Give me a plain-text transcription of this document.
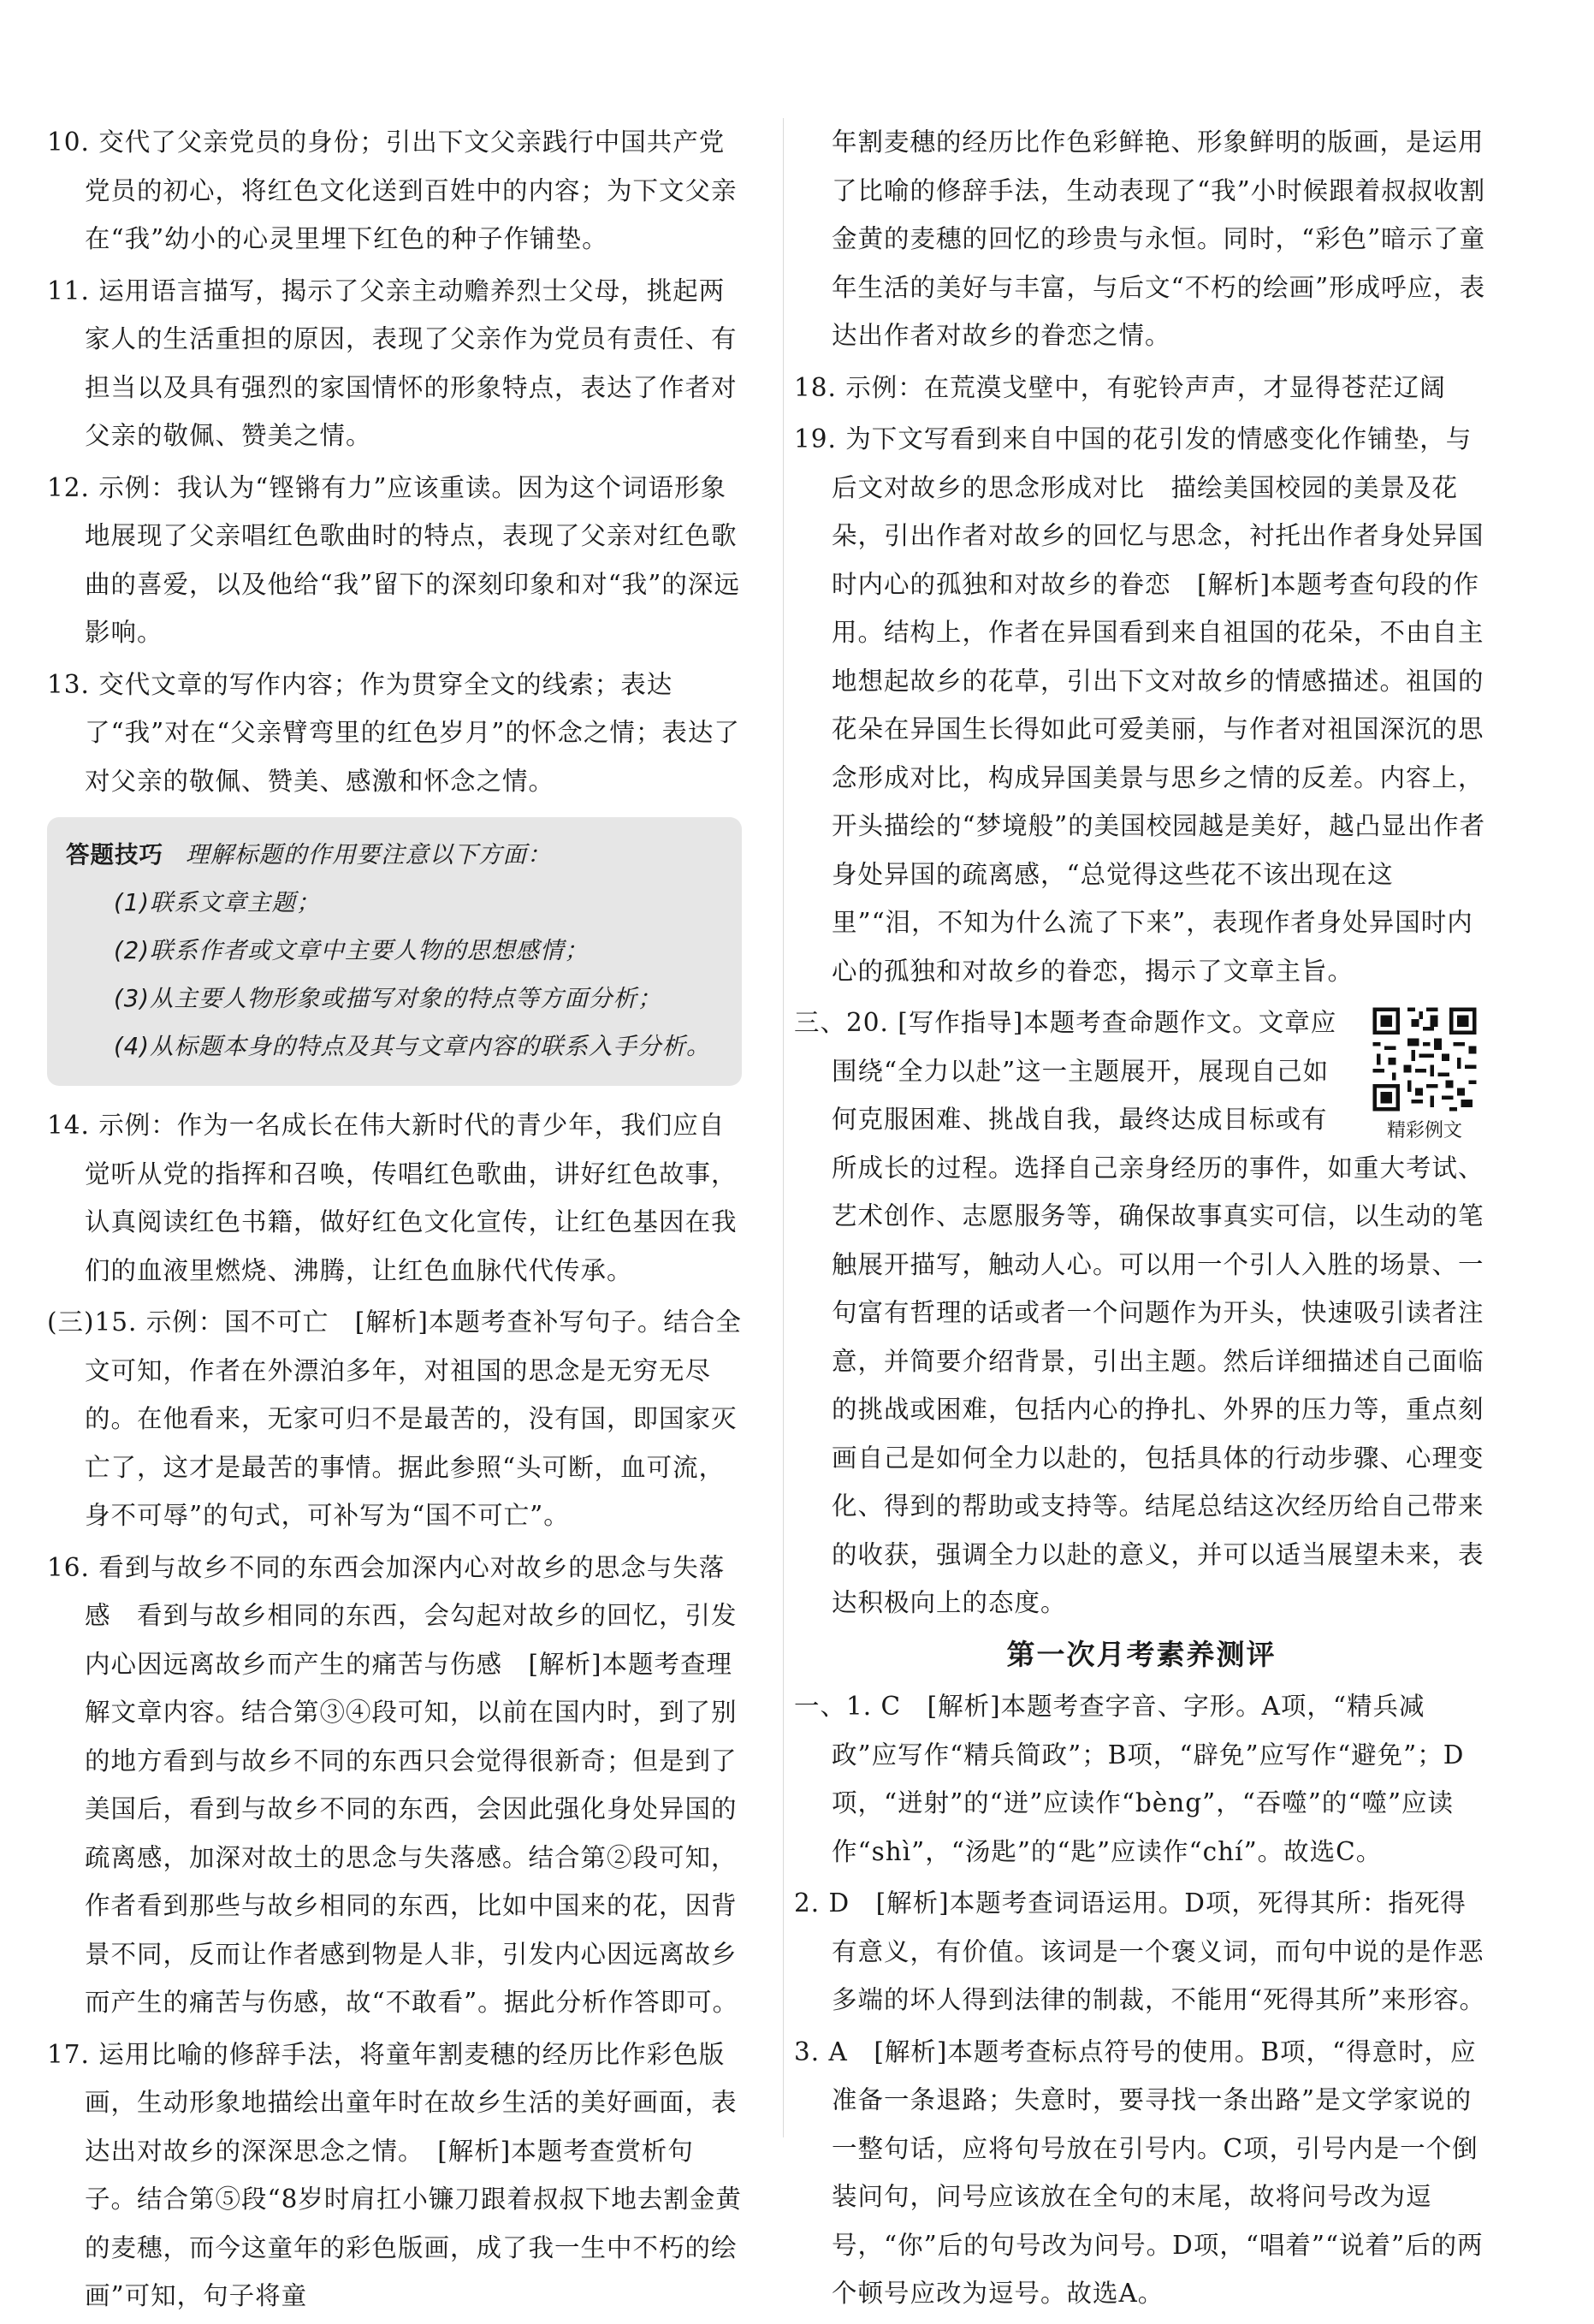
10. 交代了父亲党员的身份；引出下文父亲践行中国共产党党员的初心，将红色文化送到百姓中的内容；为下文父亲在“我”幼小的心灵里埋下红色的种子作铺垫。
11. 运用语言描写，揭示了父亲主动赡养烈士父母，挑起两家人的生活重担的原因，表现了父亲作为党员有责任、有担当以及具有强烈的家国情怀的形象特点，表达了作者对父亲的敬佩、赞美之情。
12. 示例：我认为“铿锵有力”应该重读。因为这个词语形象地展现了父亲唱红色歌曲时的特点，表现了父亲对红色歌曲的喜爱，以及他给“我”留下的深刻印象和对“我”的深远影响。
13. 交代文章的写作内容；作为贯穿全文的线索；表达了“我”对在“父亲臂弯里的红色岁月”的怀念之情；表达了对父亲的敬佩、赞美、感激和怀念之情。
答题技巧 理解标题的作用要注意以下方面：
(1)联系文章主题；
(2)联系作者或文章中主要人物的思想感情；
(3)从主要人物形象或描写对象的特点等方面分析；
(4)从标题本身的特点及其与文章内容的联系入手分析。
14. 示例：作为一名成长在伟大新时代的青少年，我们应自觉听从党的指挥和召唤，传唱红色歌曲，讲好红色故事，认真阅读红色书籍，做好红色文化宣传，让红色基因在我们的血液里燃烧、沸腾，让红色血脉代代传承。
(三)15. 示例：国不可亡　[解析]本题考查补写句子。结合全文可知，作者在外漂泊多年，对祖国的思念是无穷无尽的。在他看来，无家可归不是最苦的，没有国，即国家灭亡了，这才是最苦的事情。据此参照“头可断，血可流，身不可辱”的句式，可补写为“国不可亡”。
16. 看到与故乡不同的东西会加深内心对故乡的思念与失落感　看到与故乡相同的东西，会勾起对故乡的回忆，引发内心因远离故乡而产生的痛苦与伤感　[解析]本题考查理解文章内容。结合第③④段可知，以前在国内时，到了别的地方看到与故乡不同的东西只会觉得很新奇；但是到了美国后，看到与故乡不同的东西，会因此强化身处异国的疏离感，加深对故土的思念与失落感。结合第②段可知，作者看到那些与故乡相同的东西，比如中国来的花，因背景不同，反而让作者感到物是人非，引发内心因远离故乡而产生的痛苦与伤感，故“不敢看”。据此分析作答即可。
17. 运用比喻的修辞手法，将童年割麦穗的经历比作彩色版画，生动形象地描绘出童年时在故乡生活的美好画面，表达出对故乡的深深思念之情。　[解析]本题考查赏析句子。结合第⑤段“8岁时肩扛小镰刀跟着叔叔下地去割金黄的麦穗，而今这童年的彩色版画，成了我一生中不朽的绘画”可知，句子将童
年割麦穗的经历比作色彩鲜艳、形象鲜明的版画，是运用了比喻的修辞手法，生动表现了“我”小时候跟着叔叔收割金黄的麦穗的回忆的珍贵与永恒。同时，“彩色”暗示了童年生活的美好与丰富，与后文“不朽的绘画”形成呼应，表达出作者对故乡的眷恋之情。
18. 示例：在荒漠戈壁中，有驼铃声声，才显得苍茫辽阔
19. 为下文写看到来自中国的花引发的情感变化作铺垫，与后文对故乡的思念形成对比　描绘美国校园的美景及花朵，引出作者对故乡的回忆与思念，衬托出作者身处异国时内心的孤独和对故乡的眷恋　[解析]本题考查句段的作用。结构上，作者在异国看到来自祖国的花朵，不由自主地想起故乡的花草，引出下文对故乡的情感描述。祖国的花朵在异国生长得如此可爱美丽，与作者对祖国深沉的思念形成对比，构成异国美景与思乡之情的反差。内容上，开头描绘的“梦境般”的美国校园越是美好，越凸显出作者身处异国的疏离感，“总觉得这些花不该出现在这里”“泪，不知为什么流了下来”，表现作者身处异国时内心的孤独和对故乡的眷恋，揭示了文章主旨。
精彩例文
三、20. [写作指导]本题考查命题作文。文章应围绕“全力以赴”这一主题展开，展现自己如何克服困难、挑战自我，最终达成目标或有所成长的过程。选择自己亲身经历的事件，如重大考试、艺术创作、志愿服务等，确保故事真实可信，以生动的笔触展开描写，触动人心。可以用一个引人入胜的场景、一句富有哲理的话或者一个问题作为开头，快速吸引读者注意，并简要介绍背景，引出主题。然后详细描述自己面临的挑战或困难，包括内心的挣扎、外界的压力等，重点刻画自己是如何全力以赴的，包括具体的行动步骤、心理变化、得到的帮助或支持等。结尾总结这次经历给自己带来的收获，强调全力以赴的意义，并可以适当展望未来，表达积极向上的态度。
第一次月考素养测评
一、1. C　[解析]本题考查字音、字形。A项，“精兵减政”应写作“精兵简政”；B项，“辟免”应写作“避免”；D项，“迸射”的“迸”应读作“bèng”，“吞噬”的“噬”应读作“shì”，“汤匙”的“匙”应读作“chí”。故选C。
2. D　[解析]本题考查词语运用。D项，死得其所：指死得有意义，有价值。该词是一个褒义词，而句中说的是作恶多端的坏人得到法律的制裁，不能用“死得其所”来形容。
3. A　[解析]本题考查标点符号的使用。B项，“得意时，应准备一条退路；失意时，要寻找一条出路”是文学家说的一整句话，应将句号放在引号内。C项，引号内是一个倒装问句，问号应该放在全句的末尾，故将问号改为逗号，“你”后的句号改为问号。D项，“唱着”“说着”后的两个顿号应改为逗号。故选A。
